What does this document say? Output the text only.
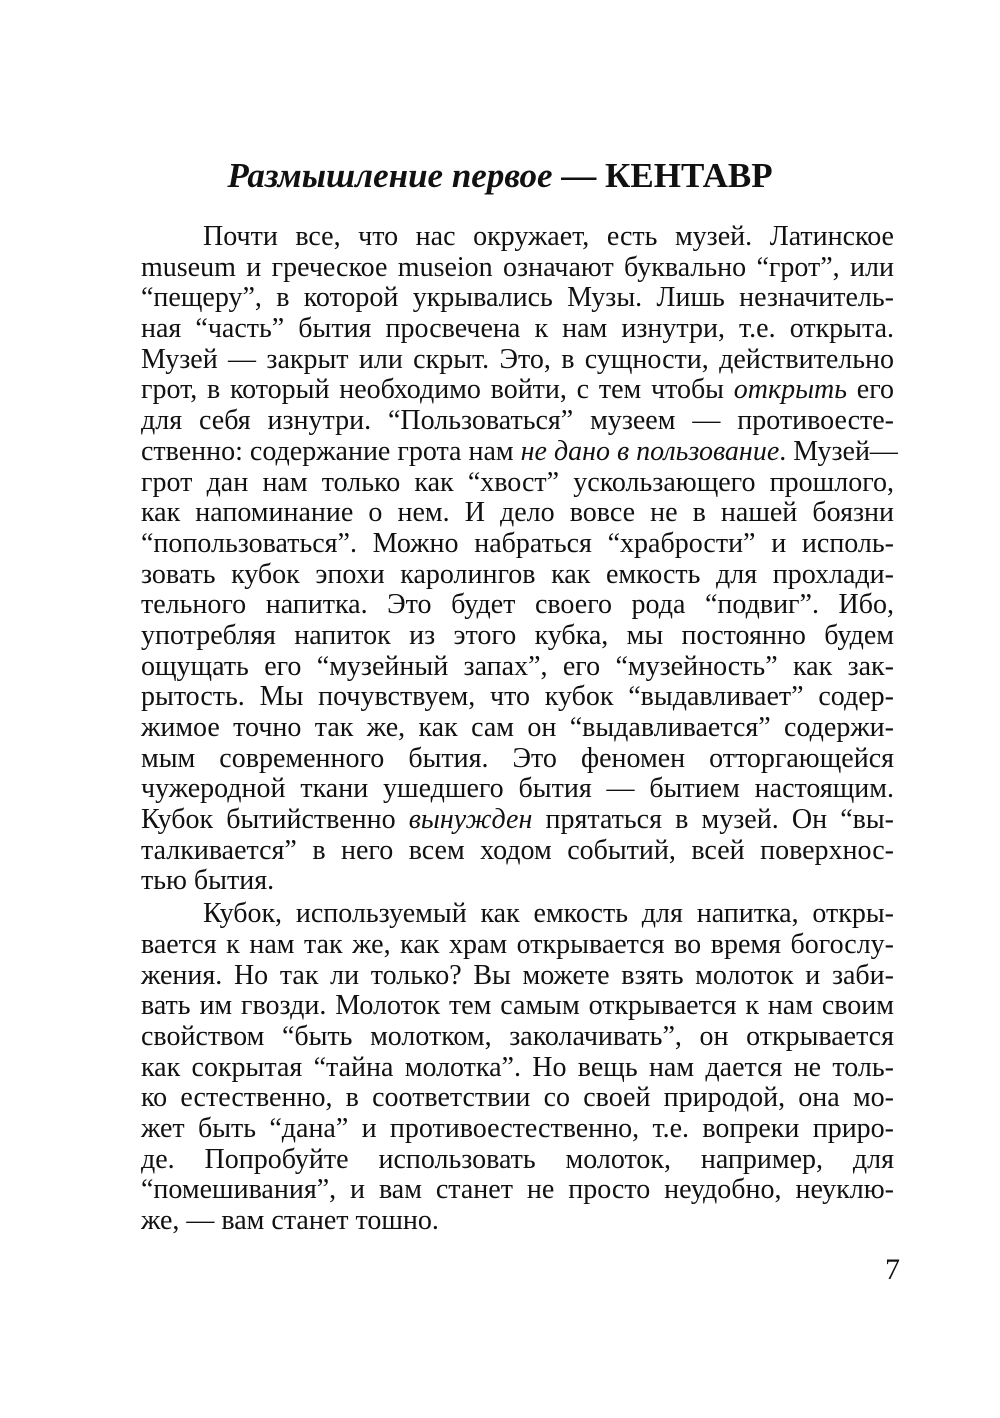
Размышление первое — КЕНТАВР
Почти все, что нас окружает, есть музей. Латинское
museum и греческое museion означают буквально “грот”, или
“пещеру”, в которой укрывались Музы. Лишь незначитель-
ная “часть” бытия просвечена к нам изнутри, т.е. открыта.
Музей — закрыт или скрыт. Это, в сущности, действительно
грот, в который необходимо войти, с тем чтобы открыть его
для себя изнутри. “Пользоваться” музеем — противоесте-
ственно: содержание грота нам не дано в пользование. Музей—
грот дан нам только как “хвост” ускользающего прошлого,
как напоминание о нем. И дело вовсе не в нашей боязни
“попользоваться”. Можно набраться “храбрости” и исполь-
зовать кубок эпохи каролингов как емкость для прохлади-
тельного напитка. Это будет своего рода “подвиг”. Ибо,
употребляя напиток из этого кубка, мы постоянно будем
ощущать его “музейный запах”, его “музейность” как зак-
рытость. Мы почувствуем, что кубок “выдавливает” содер-
жимое точно так же, как сам он “выдавливается” содержи-
мым современного бытия. Это феномен отторгающейся
чужеродной ткани ушедшего бытия — бытием настоящим.
Кубок бытийственно вынужден прятаться в музей. Он “вы-
талкивается” в него всем ходом событий, всей поверхнос-
тью бытия.
Кубок, используемый как емкость для напитка, откры-
вается к нам так же, как храм открывается во время богослу-
жения. Но так ли только? Вы можете взять молоток и заби-
вать им гвозди. Молоток тем самым открывается к нам своим
свойством “быть молотком, заколачивать”, он открывается
как сокрытая “тайна молотка”. Но вещь нам дается не толь-
ко естественно, в соответствии со своей природой, она мо-
жет быть “дана” и противоестественно, т.е. вопреки приро-
де. Попробуйте использовать молоток, например, для
“помешивания”, и вам станет не просто неудобно, неуклю-
же, — вам станет тошно.
7
